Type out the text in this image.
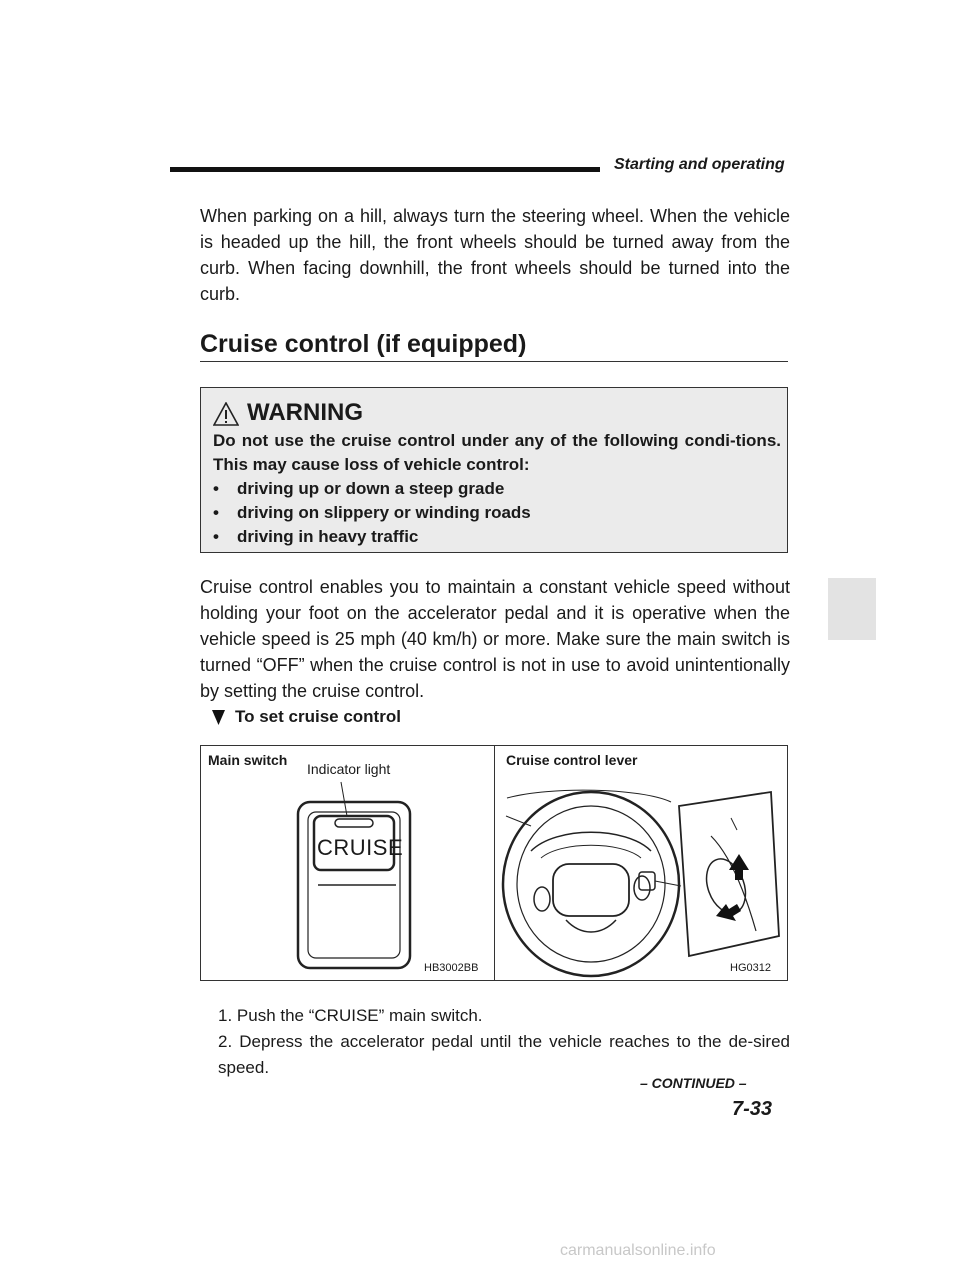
Starting and operating

When parking on a hill, always turn the steering wheel. When the vehicle is headed up the hill, the front wheels should be turned away from the curb. When facing downhill, the front wheels should be turned into the curb.

Cruise control (if equipped)
WARNING

Do not use the cruise control under any of the following condi-tions. This may cause loss of vehicle control:

•	driving up or down a steep grade
•	driving on slippery or winding roads
•	driving in heavy traffic

Cruise control enables you to maintain a constant vehicle speed without holding your foot on the accelerator pedal and it is operative when the vehicle speed is 25 mph (40 km/h) or more. Make sure the main switch is turned “OFF” when the cruise control is not in use to avoid unintentionally by setting the cruise control.

To set cruise control
Main switch
Indicator light
CRUISE
HB3002BB
Cruise control lever
HG0312
1. Push the “CRUISE” main switch.
2. Depress the accelerator pedal until the vehicle reaches to the de-sired speed.
– CONTINUED –
7-33
carmanualsonline.info
